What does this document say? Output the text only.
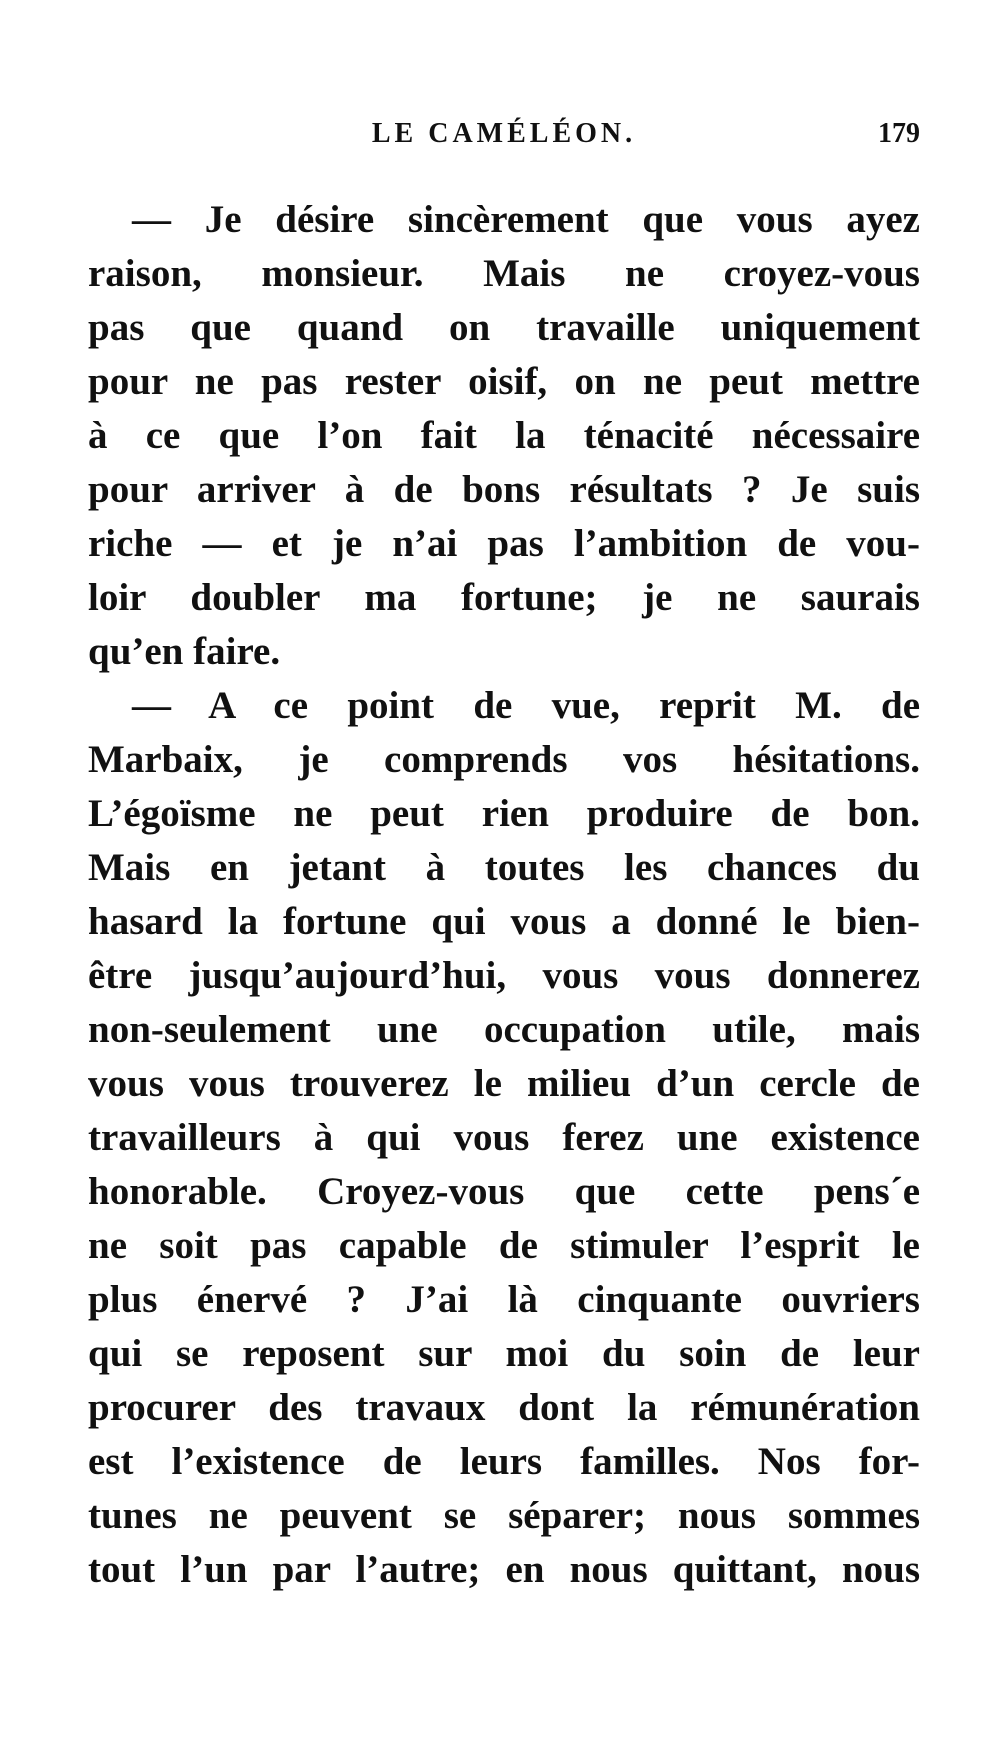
LE CAMÉLÉON.	179
— Je désire sincèrement que vous ayez
raison, monsieur. Mais ne croyez-vous
pas que quand on travaille uniquement
pour ne pas rester oisif, on ne peut mettre
à ce que l’on fait la ténacité nécessaire
pour arriver à de bons résultats ? Je suis
riche — et je n’ai pas l’ambition de vou-
loir doubler ma fortune; je ne saurais
qu’en faire.
— A ce point de vue, reprit M. de
Marbaix, je comprends vos hésitations.
L’égoïsme ne peut rien produire de bon.
Mais en jetant à toutes les chances du
hasard la fortune qui vous a donné le bien-
être jusqu’aujourd’hui, vous vous donnerez
non-seulement une occupation utile, mais
vous vous trouverez le milieu d’un cercle de
travailleurs à qui vous ferez une existence
honorable. Croyez-vous que cette pens´e
ne soit pas capable de stimuler l’esprit le
plus énervé ? J’ai là cinquante ouvriers
qui se reposent sur moi du soin de leur
procurer des travaux dont la rémunération
est l’existence de leurs familles. Nos for-
tunes ne peuvent se séparer; nous sommes
tout l’un par l’autre; en nous quittant, nous
